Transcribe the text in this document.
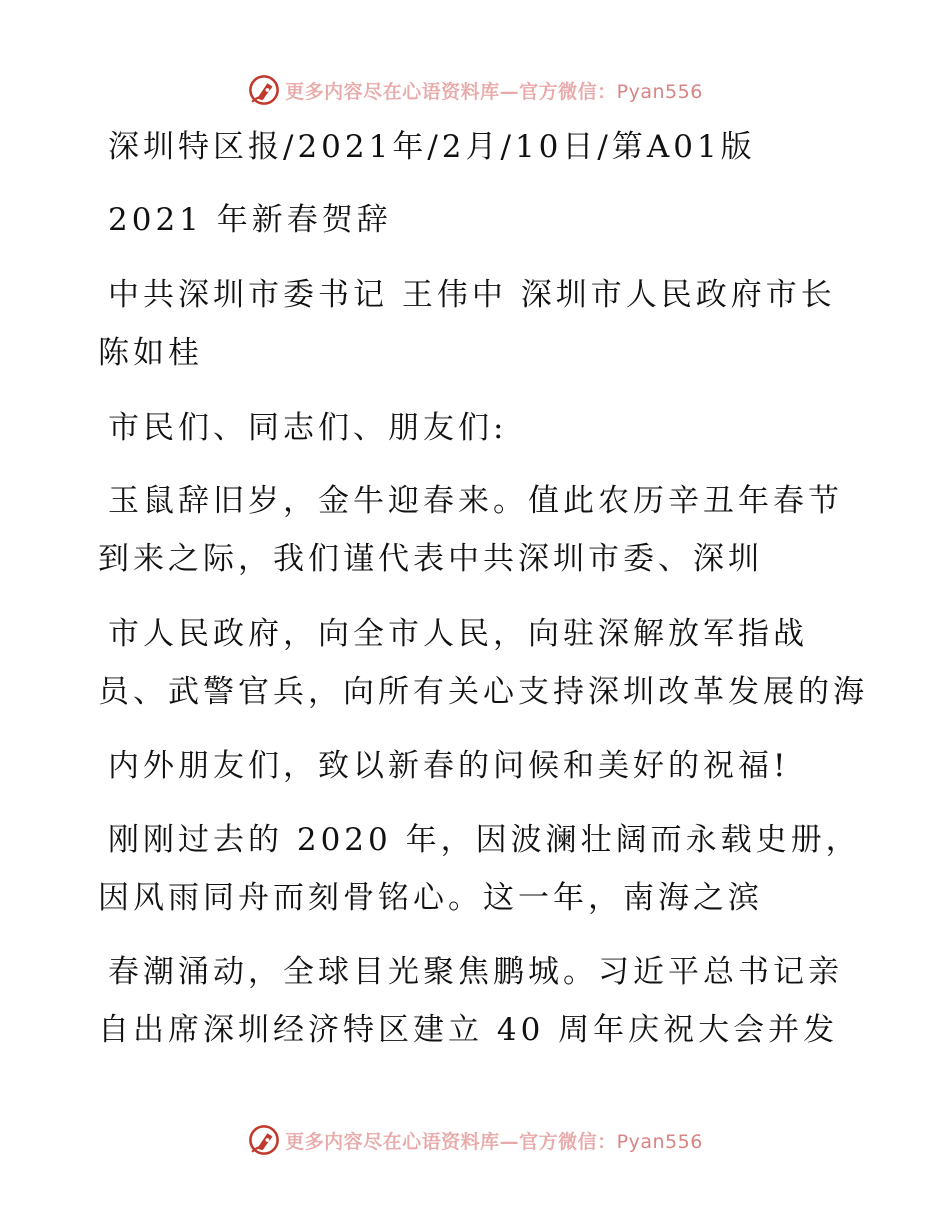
更多内容尽在心语资料库—官方微信：Pyan556
深圳特区报/2021年/2月/10日/第A01版
2021 年新春贺辞
中共深圳市委书记 王伟中 深圳市人民政府市长
陈如桂
市民们、同志们、朋友们:
玉鼠辞旧岁，金牛迎春来。值此农历辛丑年春节
到来之际，我们谨代表中共深圳市委、深圳
市人民政府，向全市人民，向驻深解放军指战
员、武警官兵，向所有关心支持深圳改革发展的海
内外朋友们，致以新春的问候和美好的祝福!
刚刚过去的 2020 年，因波澜壮阔而永载史册，
因风雨同舟而刻骨铭心。这一年，南海之滨
春潮涌动，全球目光聚焦鹏城。习近平总书记亲
自出席深圳经济特区建立 40 周年庆祝大会并发
更多内容尽在心语资料库—官方微信：Pyan556
